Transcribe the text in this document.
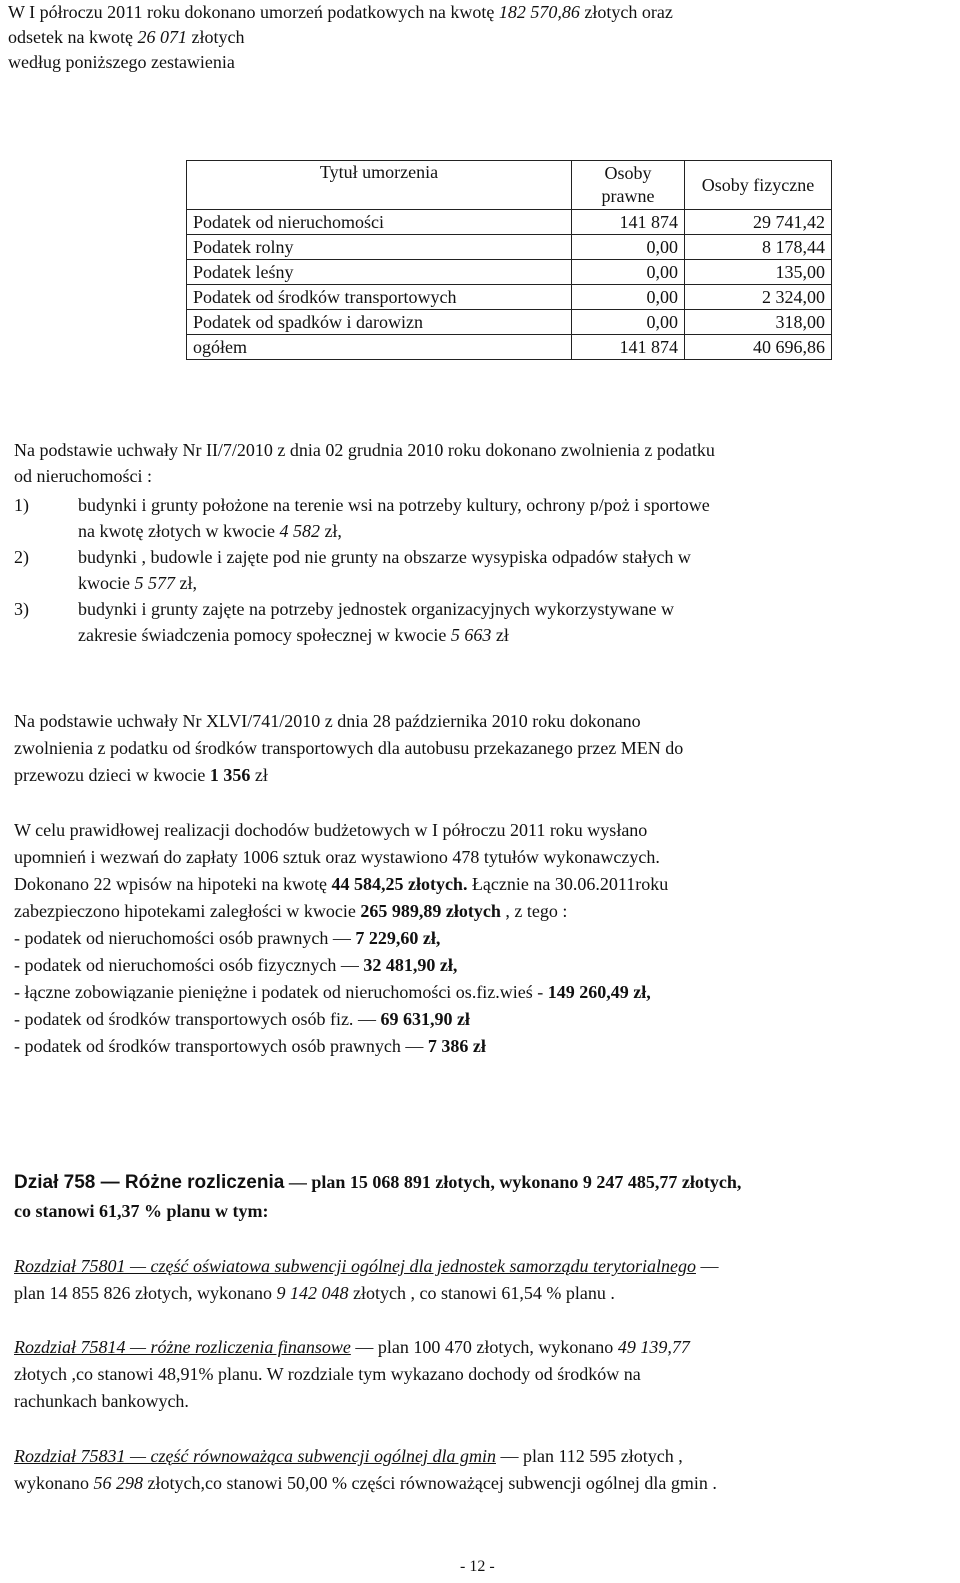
W I półroczu 2011 roku dokonano umorzeń podatkowych na kwotę 182 570,86 złotych oraz
odsetek na kwotę 26 071 złotych
według poniższego zestawienia
Tytuł umorzenia	Osoby prawne	Osoby fizyczne
Podatek od nieruchomości	141 874	29 741,42
Podatek rolny	0,00	8 178,44
Podatek leśny	0,00	135,00
Podatek od środków transportowych	0,00	2 324,00
Podatek od spadków i darowizn	0,00	318,00
ogółem	141 874	40 696,86
Na podstawie uchwały Nr II/7/2010 z dnia 02 grudnia 2010 roku dokonano zwolnienia z podatku
od nieruchomości :
1)	budynki i grunty położone na terenie wsi na potrzeby kultury, ochrony p/poż i sportowe
na kwotę złotych w kwocie 4 582 zł,
2)	budynki , budowle i zajęte pod nie grunty na obszarze wysypiska odpadów stałych w
kwocie 5 577 zł,
3)	budynki i grunty zajęte na potrzeby jednostek organizacyjnych wykorzystywane w
zakresie świadczenia pomocy społecznej w kwocie 5 663 zł
Na podstawie uchwały Nr XLVI/741/2010 z dnia 28 października 2010 roku dokonano
zwolnienia z podatku od środków transportowych dla autobusu przekazanego przez MEN do
przewozu dzieci w kwocie 1 356 zł
W celu prawidłowej realizacji dochodów budżetowych w I półroczu 2011 roku wysłano
upomnień i wezwań do zapłaty 1006 sztuk oraz wystawiono 478 tytułów wykonawczych.
Dokonano 22 wpisów na hipoteki na kwotę 44 584,25 złotych. Łącznie na 30.06.2011roku
zabezpieczono hipotekami zaległości w kwocie 265 989,89 złotych , z tego :
- podatek od nieruchomości osób prawnych — 7 229,60 zł,
- podatek od nieruchomości osób fizycznych — 32 481,90 zł,
- łączne zobowiązanie pieniężne i podatek od nieruchomości os.fiz.wieś - 149 260,49 zł,
- podatek od środków transportowych osób fiz. — 69 631,90 zł
- podatek od środków transportowych osób prawnych — 7 386 zł
Dział 758 — Różne rozliczenia — plan 15 068 891 złotych, wykonano 9 247 485,77 złotych,
co stanowi 61,37 % planu w tym:
Rozdział 75801 — część oświatowa subwencji ogólnej dla jednostek samorządu terytorialnego —
plan 14 855 826 złotych, wykonano 9 142 048 złotych , co stanowi 61,54 % planu .
Rozdział 75814 — różne rozliczenia finansowe — plan 100 470 złotych, wykonano 49 139,77
złotych ,co stanowi 48,91% planu. W rozdziale tym wykazano dochody od środków na
rachunkach bankowych.
Rozdział 75831 — część równoważąca subwencji ogólnej dla gmin — plan 112 595 złotych ,
wykonano 56 298 złotych,co stanowi 50,00 % części równoważącej subwencji ogólnej dla gmin .
- 12 -
